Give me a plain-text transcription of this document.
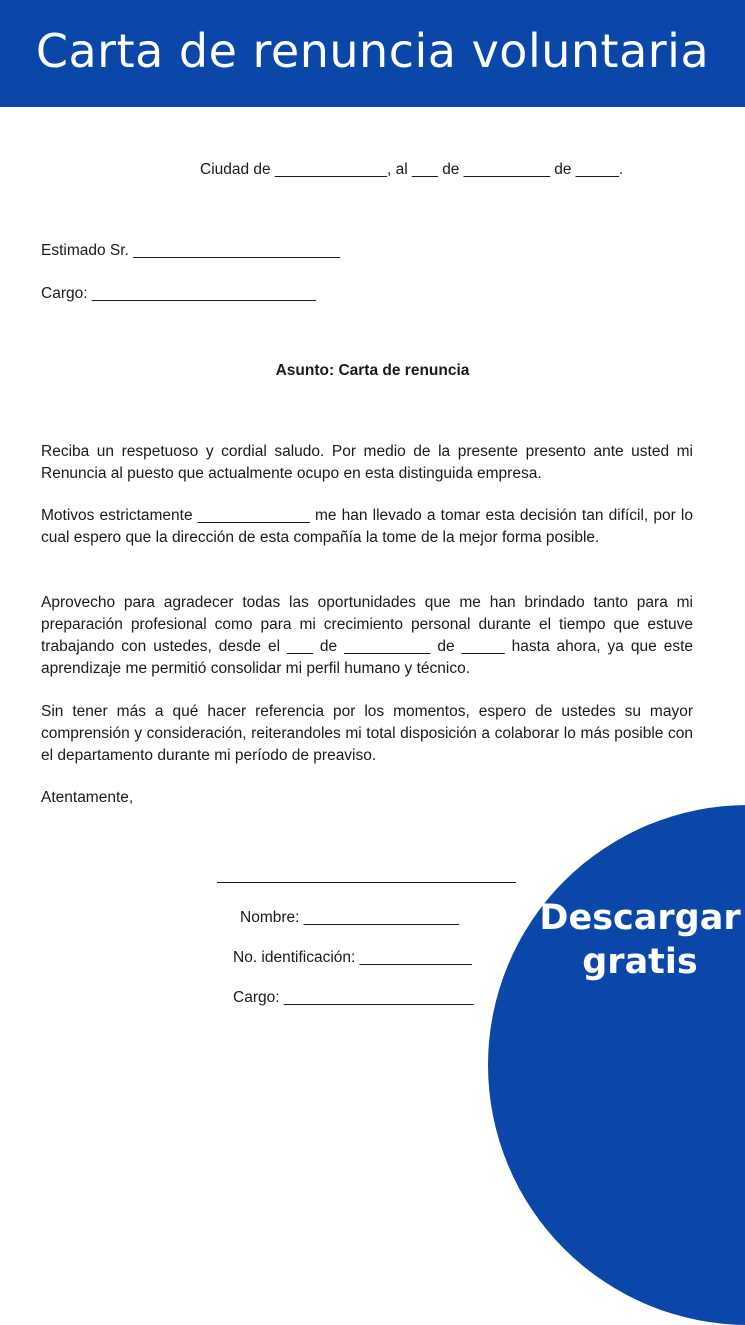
Carta de renuncia voluntaria
Ciudad de _____________, al ___ de __________ de _____.
Estimado Sr. ________________________
Cargo: __________________________
Asunto: Carta de renuncia
Reciba un respetuoso y cordial saludo. Por medio de la presente presento ante usted mi Renuncia al puesto que actualmente ocupo en esta distinguida empresa.
Motivos estrictamente _____________ me han llevado a tomar esta decisión tan difícil, por lo cual espero que la dirección de esta compañía la tome de la mejor forma posible.
Aprovecho para agradecer todas las oportunidades que me han brindado tanto para mi preparación profesional como para mi crecimiento personal durante el tiempo que estuve trabajando con ustedes, desde el ___ de __________ de _____ hasta ahora, ya que este aprendizaje me permitió consolidar mi perfil humano y técnico.
Sin tener más a qué hacer referencia por los momentos, espero de ustedes su mayor comprensión y consideración, reiterandoles mi total disposición a colaborar lo más posible con el departamento durante mi período de preaviso.
Atentamente,
Nombre: __________________
No. identificación: _____________
Cargo: ______________________
Descargar
gratis
